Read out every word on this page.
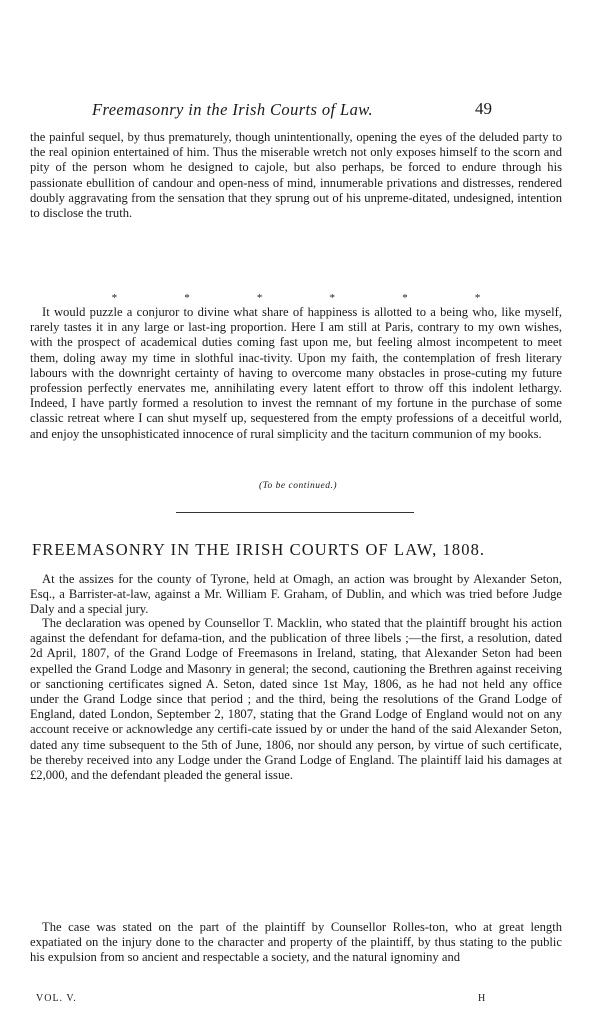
Freemasonry in the Irish Courts of Law.	49

the painful sequel, by thus prematurely, though unintentionally, opening the eyes of the deluded party to the real opinion entertained of him. Thus the miserable wretch not only exposes himself to the scorn and pity of the person whom he designed to cajole, but also perhaps, be forced to endure through his passionate ebullition of candour and open-ness of mind, innumerable privations and distresses, rendered doubly aggravating from the sensation that they sprung out of his unpreme-ditated, undesigned, intention to disclose the truth.

*	*	*	*	*	*

It would puzzle a conjuror to divine what share of happiness is allotted to a being who, like myself, rarely tastes it in any large or last-ing proportion. Here I am still at Paris, contrary to my own wishes, with the prospect of academical duties coming fast upon me, but feeling almost incompetent to meet them, doling away my time in slothful inac-tivity. Upon my faith, the contemplation of fresh literary labours with the downright certainty of having to overcome many obstacles in prose-cuting my future profession perfectly enervates me, annihilating every latent effort to throw off this indolent lethargy. Indeed, I have partly formed a resolution to invest the remnant of my fortune in the purchase of some classic retreat where I can shut myself up, sequestered from the empty professions of a deceitful world, and enjoy the unsophisticated innocence of rural simplicity and the taciturn communion of my books.

(To be continued.)
FREEMASONRY IN THE IRISH COURTS OF LAW, 1808.

At the assizes for the county of Tyrone, held at Omagh, an action was brought by Alexander Seton, Esq., a Barrister-at-law, against a Mr. William F. Graham, of Dublin, and which was tried before Judge Daly and a special jury.

The declaration was opened by Counsellor T. Macklin, who stated that the plaintiff brought his action against the defendant for defama-tion, and the publication of three libels ;—the first, a resolution, dated 2d April, 1807, of the Grand Lodge of Freemasons in Ireland, stating, that Alexander Seton had been expelled the Grand Lodge and Masonry in general; the second, cautioning the Brethren against receiving or sanctioning certificates signed A. Seton, dated since 1st May, 1806, as he had not held any office under the Grand Lodge since that period ; and the third, being the resolutions of the Grand Lodge of England, dated London, September 2, 1807, stating that the Grand Lodge of England would not on any account receive or acknowledge any certifi-cate issued by or under the hand of the said Alexander Seton, dated any time subsequent to the 5th of June, 1806, nor should any person, by virtue of such certificate, be thereby received into any Lodge under the Grand Lodge of England. The plaintiff laid his damages at £2,000, and the defendant pleaded the general issue.

The case was stated on the part of the plaintiff by Counsellor Rolles-ton, who at great length expatiated on the injury done to the character and property of the plaintiff, by thus stating to the public his expulsion from so ancient and respectable a society, and the natural ignominy and

VOL. V.	H
